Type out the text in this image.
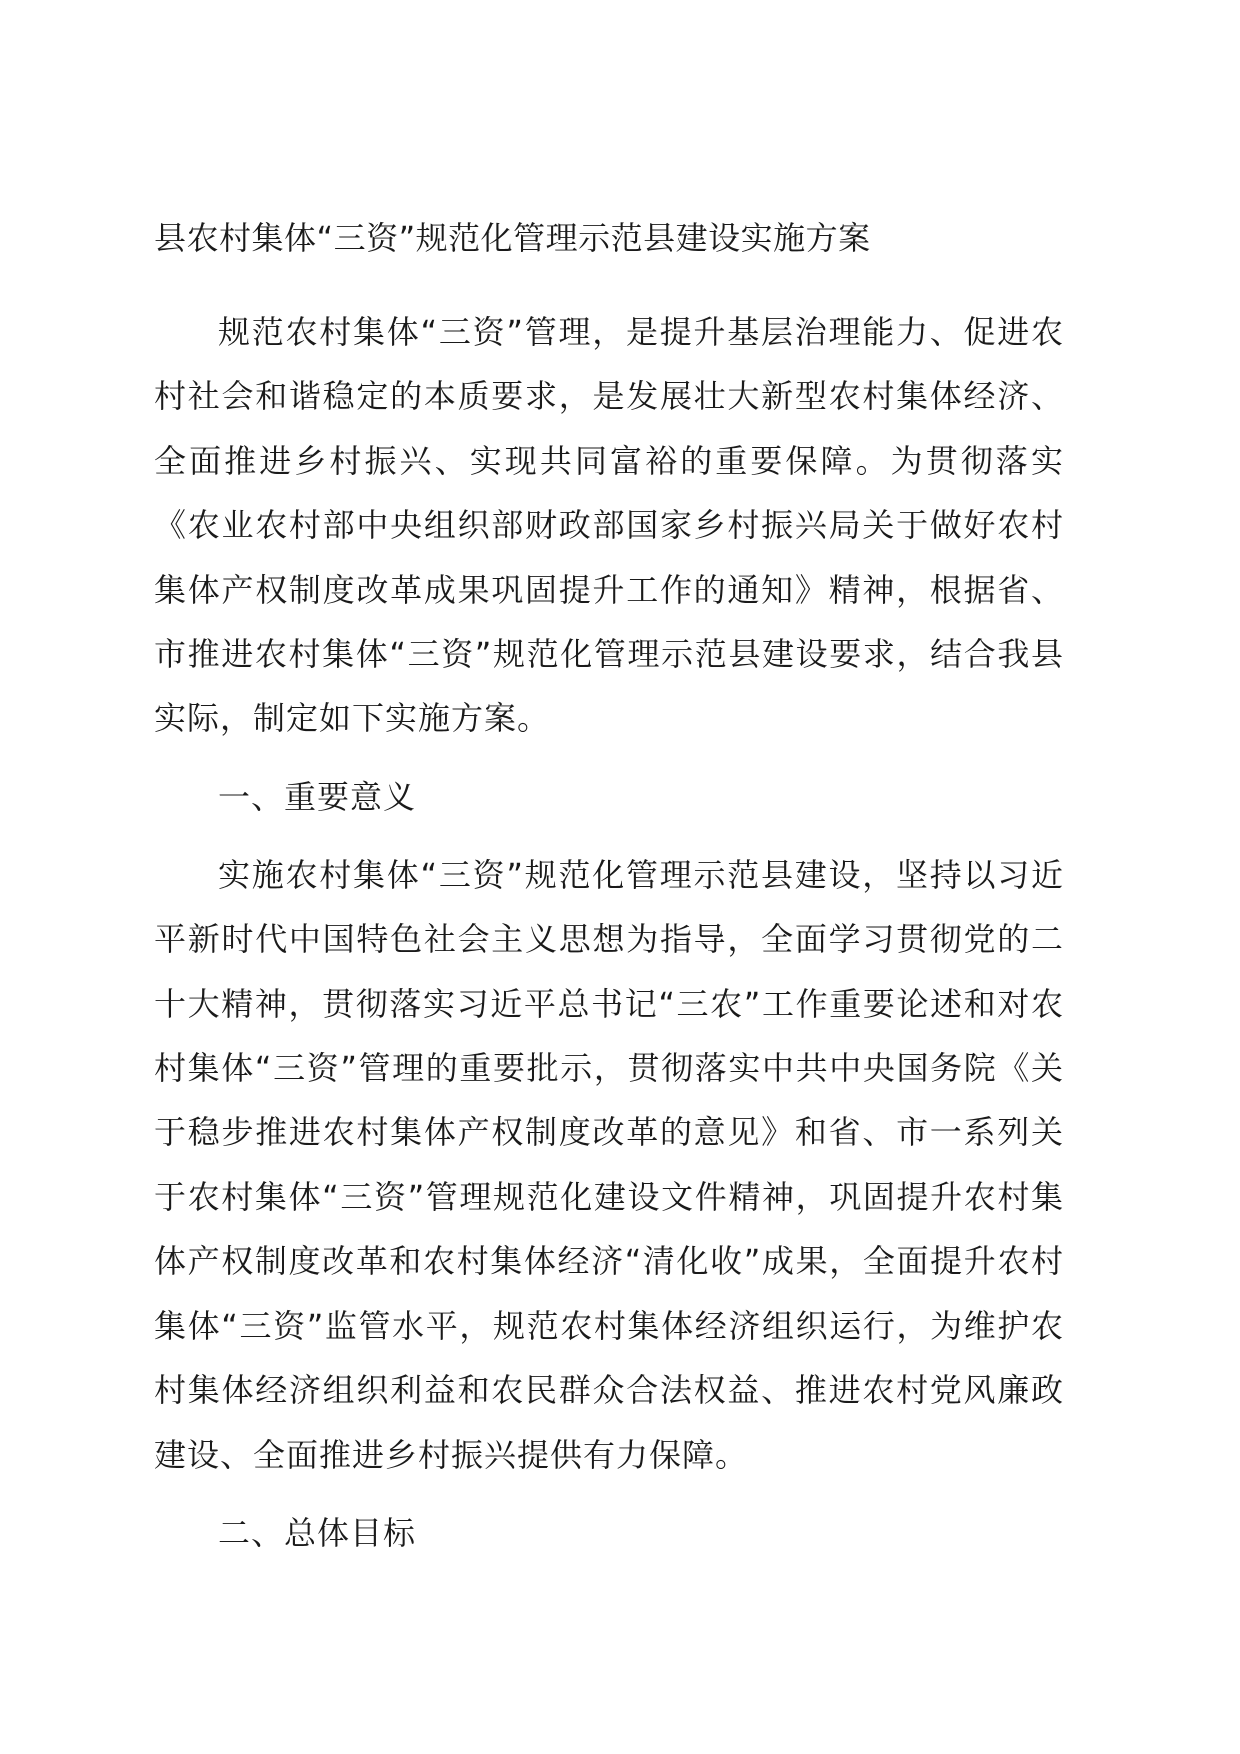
县农村集体“三资”规范化管理示范县建设实施方案

规范农村集体“三资”管理，是提升基层治理能力、促进农村社会和谐稳定的本质要求，是发展壮大新型农村集体经济、全面推进乡村振兴、实现共同富裕的重要保障。为贯彻落实《农业农村部中央组织部财政部国家乡村振兴局关于做好农村集体产权制度改革成果巩固提升工作的通知》精神，根据省、市推进农村集体“三资”规范化管理示范县建设要求，结合我县实际，制定如下实施方案。

一、重要意义

实施农村集体“三资”规范化管理示范县建设，坚持以习近平新时代中国特色社会主义思想为指导，全面学习贯彻党的二十大精神，贯彻落实习近平总书记“三农”工作重要论述和对农村集体“三资”管理的重要批示，贯彻落实中共中央国务院《关于稳步推进农村集体产权制度改革的意见》和省、市一系列关于农村集体“三资”管理规范化建设文件精神，巩固提升农村集体产权制度改革和农村集体经济“清化收”成果，全面提升农村集体“三资”监管水平，规范农村集体经济组织运行，为维护农村集体经济组织利益和农民群众合法权益、推进农村党风廉政建设、全面推进乡村振兴提供有力保障。

二、总体目标
